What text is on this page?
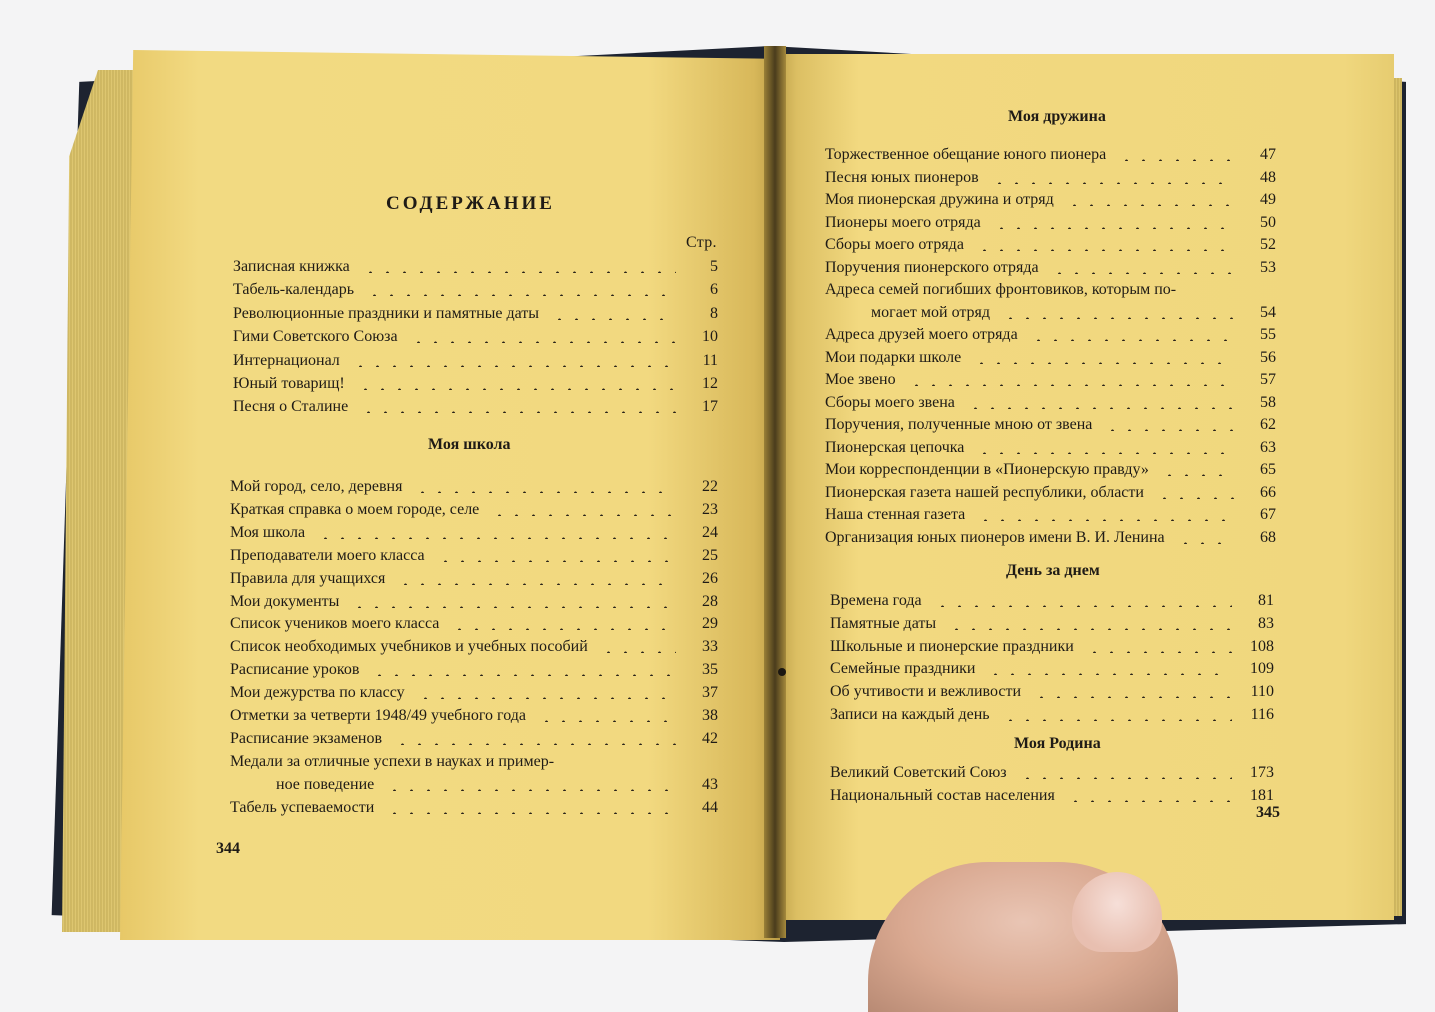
СОДЕРЖАНИЕ
Стр.
Моя школа
344
Моя дружина
День за днем
Моя Родина
345
Записная книжка	5
Табель-календарь	6
Революционные праздники и памятные даты	8
Гими Советского Союза	10
Интернационал	11
Юный товарищ!	12
Песня о Сталине	17
Мой город, село, деревня	22
Краткая справка о моем городе, селе	23
Моя школа	24
Преподаватели моего класса	25
Правила для учащихся	26
Мои документы	28
Список учеников моего класса	29
Список необходимых учебников и учебных пособий	33
Расписание уроков	35
Мои дежурства по классу	37
Отметки за четверти 1948/49 учебного года	38
Расписание экзаменов	42
Медали за отличные успехи в науках и пример-
ное поведение	43
Табель успеваемости	44
Торжественное обещание юного пионера	47
Песня юных пионеров	48
Моя пионерская дружина и отряд	49
Пионеры моего отряда	50
Сборы моего отряда	52
Поручения пионерского отряда	53
Адреса семей погибших фронтовиков, которым по-
могает мой отряд	54
Адреса друзей моего отряда	55
Мои подарки школе	56
Мое звено	57
Сборы моего звена	58
Поручения, полученные мною от звена	62
Пионерская цепочка	63
Мои корреспонденции в «Пионерскую правду»	65
Пионерская газета нашей республики, области	66
Наша стенная газета	67
Организация юных пионеров имени В. И. Ленина	68
Времена года	81
Памятные даты	83
Школьные и пионерские праздники	108
Семейные праздники	109
Об учтивости и вежливости	110
Записи на каждый день	116
Великий Советский Союз	173
Национальный состав населения	181
